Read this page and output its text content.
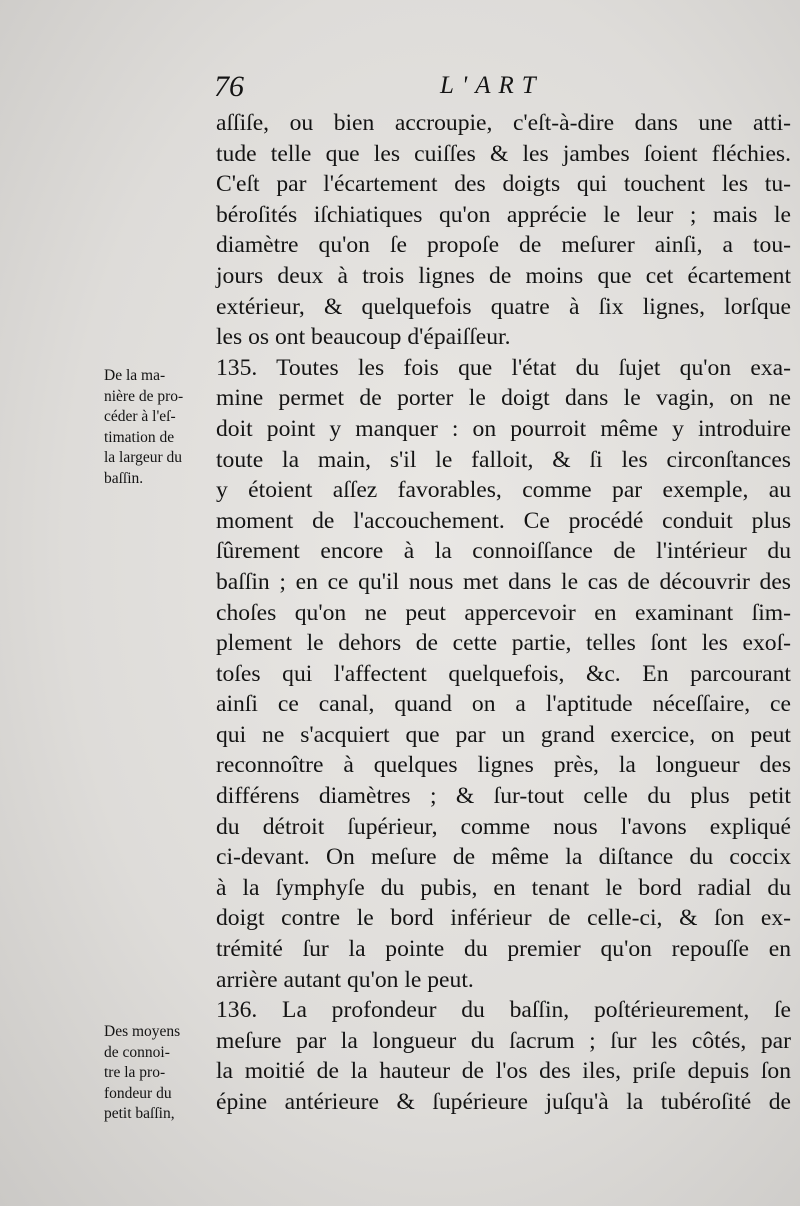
76	L'ART
aſſiſe, ou bien accroupie, c'eſt-à-dire dans une atti-
tude telle que les cuiſſes & les jambes ſoient fléchies.
C'eſt par l'écartement des doigts qui touchent les tu-
béroſités iſchiatiques qu'on apprécie le leur ; mais le
diamètre qu'on ſe propoſe de meſurer ainſi, a tou-
jours deux à trois lignes de moins que cet écartement
extérieur, & quelquefois quatre à ſix lignes, lorſque
les os ont beaucoup d'épaiſſeur.
135. Toutes les fois que l'état du ſujet qu'on exa-
mine permet de porter le doigt dans le vagin, on ne
doit point y manquer : on pourroit même y introduire
toute la main, s'il le falloit, & ſi les circonſtances
y étoient aſſez favorables, comme par exemple, au
moment de l'accouchement. Ce procédé conduit plus
ſûrement encore à la connoiſſance de l'intérieur du
baſſin ; en ce qu'il nous met dans le cas de découvrir des
choſes qu'on ne peut appercevoir en examinant ſim-
plement le dehors de cette partie, telles ſont les exoſ-
toſes qui l'affectent quelquefois, &c. En parcourant
ainſi ce canal, quand on a l'aptitude néceſſaire, ce
qui ne s'acquiert que par un grand exercice, on peut
reconnoître à quelques lignes près, la longueur des
différens diamètres ; & ſur-tout celle du plus petit
du détroit ſupérieur, comme nous l'avons expliqué
ci-devant. On meſure de même la diſtance du coccix
à la ſymphyſe du pubis, en tenant le bord radial du
doigt contre le bord inférieur de celle-ci, & ſon ex-
trémité ſur la pointe du premier qu'on repouſſe en
arrière autant qu'on le peut.
136. La profondeur du baſſin, poſtérieurement, ſe
meſure par la longueur du ſacrum ; ſur les côtés, par
la moitié de la hauteur de l'os des iles, priſe depuis ſon
épine antérieure & ſupérieure juſqu'à la tubéroſité de
De la ma-
nière de pro-
céder à l'eſ-
timation de
la largeur du
baſſin.
Des moyens
de connoi-
tre la pro-
fondeur du
petit baſſin,
